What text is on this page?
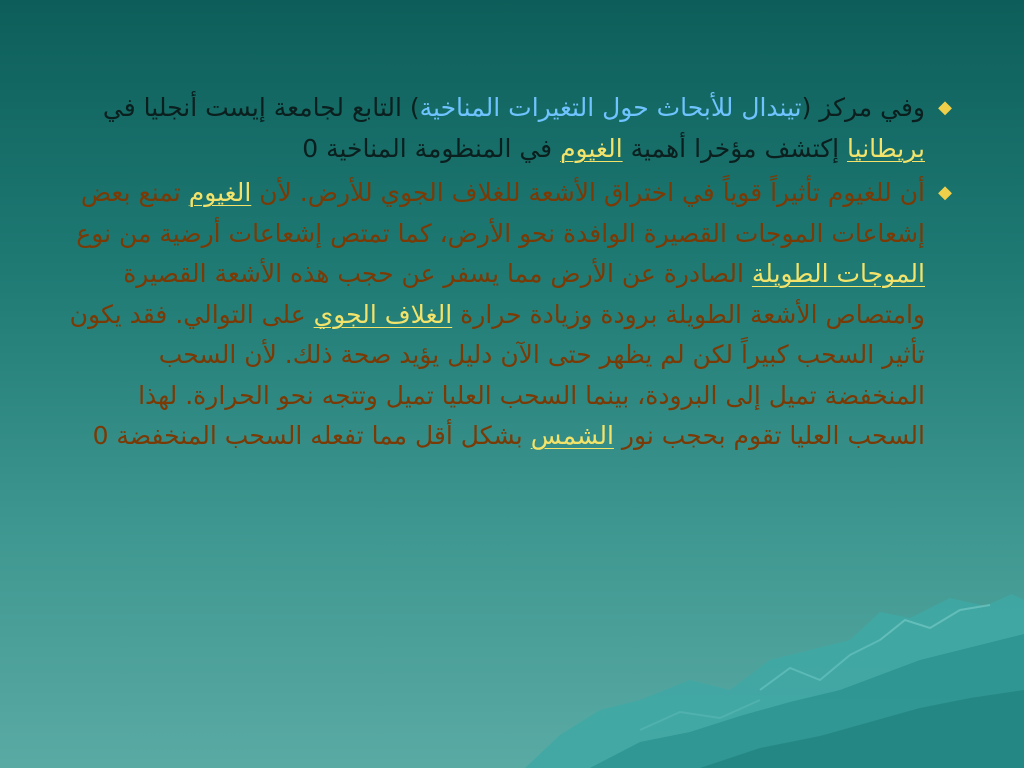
◆
وفي مركز (تيندال للأبحاث حول التغيرات المناخية) التابع لجامعة إيست أنجليا في بريطانيا إكتشف مؤخرا أهمية الغيوم في المنظومة المناخية 0
◆
أن للغيوم تأثيراً قوياً في اختراق الأشعة للغلاف الجوي للأرض. لأن الغيوم تمنع بعض إشعاعات الموجات القصيرة الوافدة نحو الأرض، كما تمتص إشعاعات أرضية من نوع الموجات الطويلة الصادرة عن الأرض مما يسفر عن حجب هذه الأشعة القصيرة وامتصاص الأشعة الطويلة برودة وزيادة حرارة الغلاف الجوي على التوالي. فقد يكون تأثير السحب كبيراً لكن لم يظهر حتى الآن دليل يؤيد صحة ذلك. لأن السحب المنخفضة تميل إلى البرودة، بينما السحب العليا تميل وتتجه نحو الحرارة. لهذا السحب العليا تقوم بحجب نور الشمس بشكل أقل مما تفعله السحب المنخفضة 0
